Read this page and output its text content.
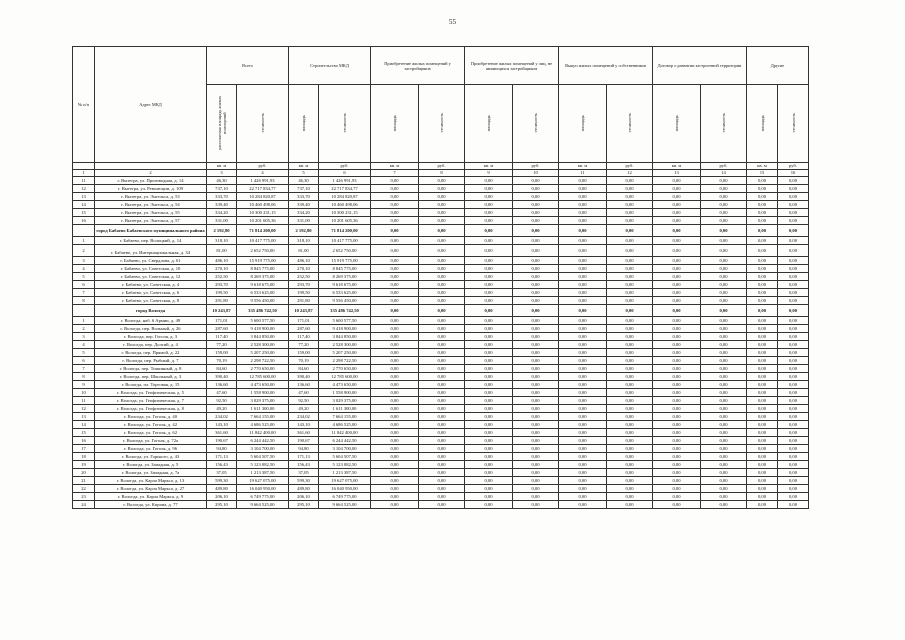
55
№ п/п	Адрес МКД	Всего		Строительство МКД		Приобретение жилых помещений у застройщиков		Приобретение жилых помещений у лиц, не являющихся застройщиком		Выкуп жилых помещений у собственников		Договор о развитии застроенной территории		Другие	
		расселяемая площадь жилых помещений	стоимость	площадь	стоимость	площадь	стоимость	площадь	стоимость	площадь	стоимость	площадь	стоимость	площадь	стоимость
		кв. м	руб.	кв. м	руб.	кв. м	руб.	кв. м	руб.	кв. м	руб.	кв. м	руб.	кв. м	руб.
1	2	3	4	5	6	7	8	9	10	11	12	13	14	15	16
11	г. Вытегра, ул. Производная, д. 14	46,30	1 426 991,93	46,30	1 426 991,93	0,00	0,00	0,00	0,00	0,00	0,00	0,00	0,00	0,00	0,00
12	г. Вытегра, ул. Революции, д. 109	737,10	22 717 834,77	737,10	22 717 834,77	0,00	0,00	0,00	0,00	0,00	0,00	0,00	0,00	0,00	0,00
13	г. Вытегра, ул. Энгельса, д. 53	333,70	10 284 820,87	333,70	10 284 820,87	0,00	0,00	0,00	0,00	0,00	0,00	0,00	0,00	0,00	0,00
14	г. Вытегра, ул. Энгельса, д. 54	339,40	10 460 498,06	339,40	10 460 498,06	0,00	0,00	0,00	0,00	0,00	0,00	0,00	0,00	0,00	0,00
15	г. Вытегра, ул. Энгельса, д. 55	334,20	10 300 231,15	334,20	10 300 231,15	0,00	0,00	0,00	0,00	0,00	0,00	0,00	0,00	0,00	0,00
16	г. Вытегра, ул. Энгельса, д. 57	331,00	10 201 605,36	331,00	10 201 605,36	0,00	0,00	0,00	0,00	0,00	0,00	0,00	0,00	0,00	0,00
	город Бабаево Бабаевского муниципального района	2 192,80	71 814 200,00	2 192,80	71 814 200,00	0,00	0,00	0,00	0,00	0,00	0,00	0,00	0,00	0,00	0,00
1	г. Бабаево, пер. Волоцкий, д. 14	318,10	10 417 775,00	318,10	10 417 775,00	0,00	0,00	0,00	0,00	0,00	0,00	0,00	0,00	0,00	0,00
2	г. Бабаево, ул. Интернациональная, д. 34	81,00	2 652 750,00	81,00	2 652 750,00	0,00	0,00	0,00	0,00	0,00	0,00	0,00	0,00	0,00	0,00
3	г. Бабаево, ул. Свердлова, д. 61	486,10	15 919 775,00	486,10	15 919 775,00	0,00	0,00	0,00	0,00	0,00	0,00	0,00	0,00	0,00	0,00
4	г. Бабаево, ул. Советская, д. 10	270,10	8 845 775,00	270,10	8 845 775,00	0,00	0,00	0,00	0,00	0,00	0,00	0,00	0,00	0,00	0,00
5	г. Бабаево, ул. Советская, д. 12	252,50	8 269 375,00	252,50	8 269 375,00	0,00	0,00	0,00	0,00	0,00	0,00	0,00	0,00	0,00	0,00
6	г. Бабаево, ул. Советская, д. 4	293,70	9 618 675,00	293,70	9 618 675,00	0,00	0,00	0,00	0,00	0,00	0,00	0,00	0,00	0,00	0,00
7	г. Бабаево, ул. Советская, д. 6	199,50	6 533 625,00	199,50	6 533 625,00	0,00	0,00	0,00	0,00	0,00	0,00	0,00	0,00	0,00	0,00
8	г. Бабаево, ул. Советская, д. 8	291,80	9 556 450,00	291,80	9 556 450,00	0,00	0,00	0,00	0,00	0,00	0,00	0,00	0,00	0,00	0,00
	город Вологда	10 243,87	335 486 742,50	10 243,87	335 486 742,50	0,00	0,00	0,00	0,00	0,00	0,00	0,00	0,00	0,00	0,00
1	г. Вологда, наб. 6 Армии, д. 49	171,01	5 600 577,50	171,01	5 600 577,50	0,00	0,00	0,00	0,00	0,00	0,00	0,00	0,00	0,00	0,00
2	г. Вологда, пер. Вольный, д. 26	287,60	9 418 900,00	287,60	9 418 900,00	0,00	0,00	0,00	0,00	0,00	0,00	0,00	0,00	0,00	0,00
3	г. Вологда, пер. Гоголя, д. 3	117,40	3 844 850,00	117,40	3 844 850,00	0,00	0,00	0,00	0,00	0,00	0,00	0,00	0,00	0,00	0,00
4	г. Вологда, пер. Долгий, д. 4	77,20	2 528 300,00	77,20	2 528 300,00	0,00	0,00	0,00	0,00	0,00	0,00	0,00	0,00	0,00	0,00
5	г. Вологда, пер. Прямой, д. 22	159,00	5 207 250,00	159,00	5 207 250,00	0,00	0,00	0,00	0,00	0,00	0,00	0,00	0,00	0,00	0,00
6	г. Вологда, пер. Рыбный, д. 7	70,19	2 298 722,50	70,19	2 298 722,50	0,00	0,00	0,00	0,00	0,00	0,00	0,00	0,00	0,00	0,00
7	г. Вологда, пер. Тишинный, д. 8	84,60	2 770 650,00	84,60	2 770 650,00	0,00	0,00	0,00	0,00	0,00	0,00	0,00	0,00	0,00	0,00
8	г. Вологда, пер. Школьный, д. 3	390,40	12 785 600,00	390,40	12 785 600,00	0,00	0,00	0,00	0,00	0,00	0,00	0,00	0,00	0,00	0,00
9	г. Вологда, пл. Торговая, д. 15	136,60	4 473 650,00	136,60	4 473 650,00	0,00	0,00	0,00	0,00	0,00	0,00	0,00	0,00	0,00	0,00
10	г. Вологда, ул. Геофизическая, д. 5	47,60	1 558 900,00	47,60	1 558 900,00	0,00	0,00	0,00	0,00	0,00	0,00	0,00	0,00	0,00	0,00
11	г. Вологда, ул. Геофизическая, д. 7	92,50	3 029 375,00	92,50	3 029 375,00	0,00	0,00	0,00	0,00	0,00	0,00	0,00	0,00	0,00	0,00
12	г. Вологда, ул. Геофизическая, д. 8	49,20	1 611 300,00	49,20	1 611 300,00	0,00	0,00	0,00	0,00	0,00	0,00	0,00	0,00	0,00	0,00
13	г. Вологда, ул. Гоголя, д. 40	234,02	7 664 155,00	234,02	7 664 155,00	0,00	0,00	0,00	0,00	0,00	0,00	0,00	0,00	0,00	0,00
14	г. Вологда, ул. Гоголя, д. 42	143,10	4 686 525,00	143,10	4 686 525,00	0,00	0,00	0,00	0,00	0,00	0,00	0,00	0,00	0,00	0,00
15	г. Вологда, ул. Гоголя, д. 62	361,60	11 842 400,00	361,60	11 842 400,00	0,00	0,00	0,00	0,00	0,00	0,00	0,00	0,00	0,00	0,00
16	г. Вологда, ул. Гоголя, д. 72а	190,67	6 244 442,50	190,67	6 244 442,50	0,00	0,00	0,00	0,00	0,00	0,00	0,00	0,00	0,00	0,00
17	г. Вологда, ул. Гоголя, д. 96	94,80	3 104 700,00	94,80	3 104 700,00	0,00	0,00	0,00	0,00	0,00	0,00	0,00	0,00	0,00	0,00
18	г. Вологда, ул. Горького, д. 43	171,13	5 604 507,50	171,13	5 604 507,50	0,00	0,00	0,00	0,00	0,00	0,00	0,00	0,00	0,00	0,00
19	г. Вологда, ул. Западная, д. 5	156,43	5 123 082,50	156,43	5 123 082,50	0,00	0,00	0,00	0,00	0,00	0,00	0,00	0,00	0,00	0,00
20	г. Вологда, ул. Западная, д. 7а	37,05	1 213 387,50	37,05	1 213 387,50	0,00	0,00	0,00	0,00	0,00	0,00	0,00	0,00	0,00	0,00
21	г. Вологда, ул. Карла Маркса, д. 13	599,30	19 627 075,00	599,30	19 627 075,00	0,00	0,00	0,00	0,00	0,00	0,00	0,00	0,00	0,00	0,00
22	г. Вологда, ул. Карла Маркса, д. 27	489,80	16 040 950,00	489,80	16 040 950,00	0,00	0,00	0,00	0,00	0,00	0,00	0,00	0,00	0,00	0,00
23	г. Вологда, ул. Карла Маркса, д. 9	206,10	6 749 775,00	206,10	6 749 775,00	0,00	0,00	0,00	0,00	0,00	0,00	0,00	0,00	0,00	0,00
24	г. Вологда, ул. Кирова, д. 77	295,10	9 664 525,00	295,10	9 664 525,00	0,00	0,00	0,00	0,00	0,00	0,00	0,00	0,00	0,00	0,00
